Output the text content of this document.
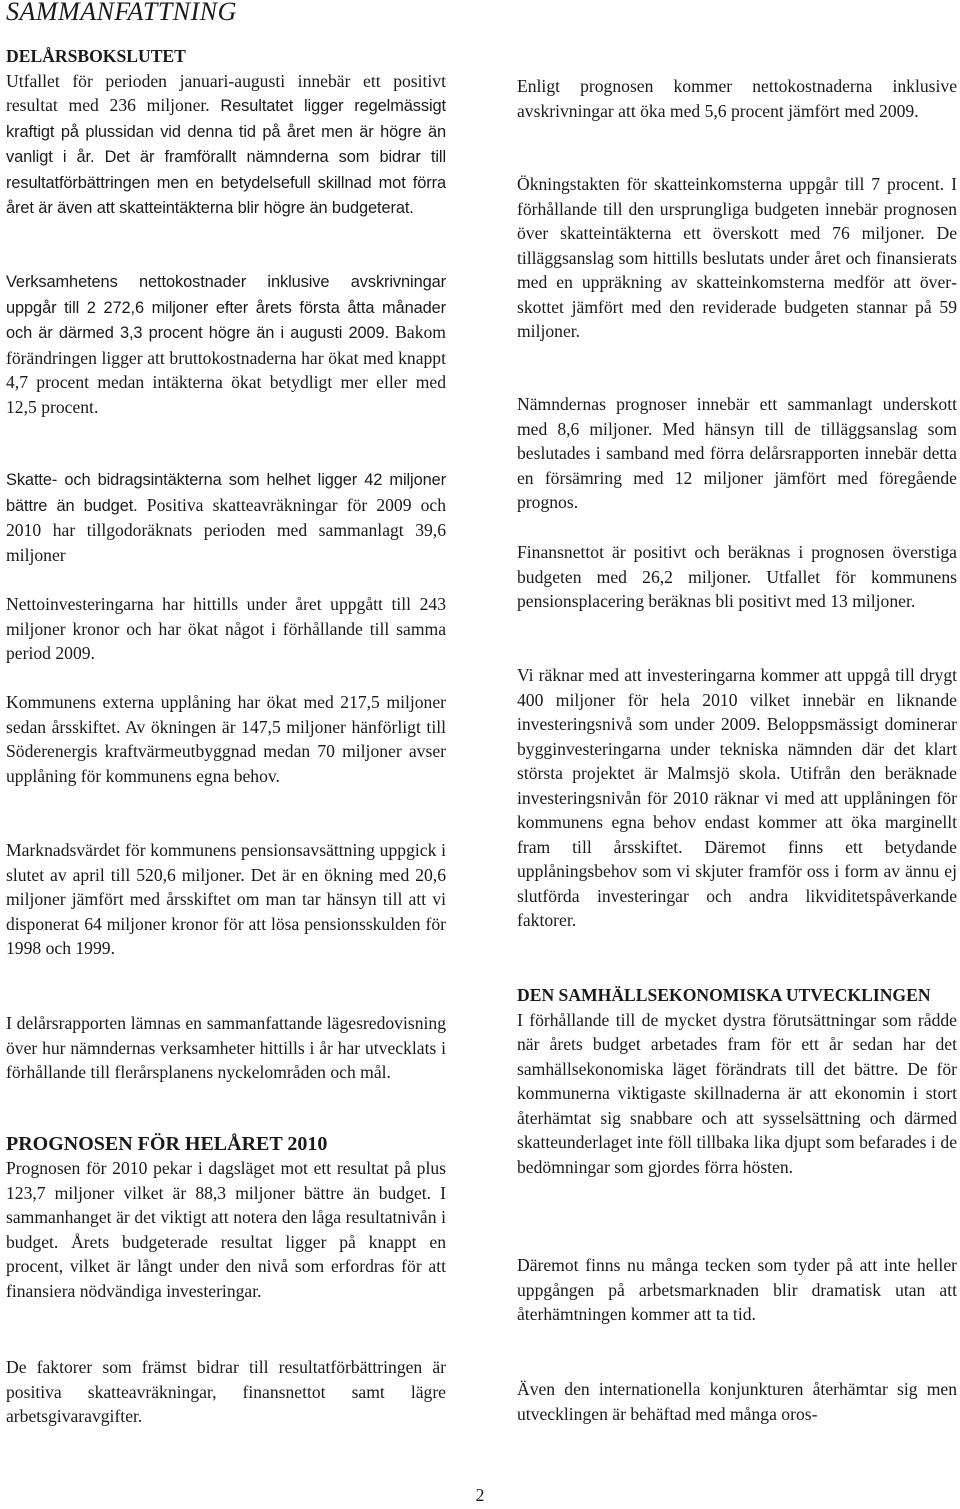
SAMMANFATTNING
DELÅRSBOKSLUTET

Utfallet för perioden januari-augusti innebär ett positivt resultat med 236 miljoner. Resultatet ligger regelmässigt kraftigt på plussidan vid denna tid på året men är högre än vanligt i år. Det är framförallt nämnderna som bidrar till resultatförbättringen men en betydelsefull skillnad mot förra året är även att skatteintäkterna blir högre än budgeterat.

Verksamhetens nettokostnader inklusive avskrivningar uppgår till 2 272,6 miljoner efter årets första åtta månader och är därmed 3,3 procent högre än i augusti 2009. Bakom förändringen ligger att bruttokostnaderna har ökat med knappt 4,7 procent medan intäkterna ökat betydligt mer eller med 12,5 procent.

Skatte- och bidragsintäkterna som helhet ligger 42 miljoner bättre än budget. Positiva skatteavräkningar för 2009 och 2010 har tillgodoräknats perioden med sammanlagt 39,6 miljoner

Nettoinvesteringarna har hittills under året uppgått till 243 miljoner kronor och har ökat något i förhållande till samma period 2009.

Kommunens externa upplåning har ökat med 217,5 miljoner sedan årsskiftet. Av ökningen är 147,5 miljoner hänförligt till Söderenergis kraftvärmeutbyggnad medan 70 miljoner avser upplåning för kommunens egna behov.

Marknadsvärdet för kommunens pensionsavsättning uppgick i slutet av april till 520,6 miljoner. Det är en ökning med 20,6 miljoner jämfört med årsskiftet om man tar hänsyn till att vi disponerat 64 miljoner kronor för att lösa pensionsskulden för 1998 och 1999.

I delårsrapporten lämnas en sammanfattande lägesredovisning över hur nämndernas verksamheter hittills i år har utvecklats i förhållande till flerårsplanens nyckelområden och mål.

PROGNOSEN FÖR HELÅRET 2010

Prognosen för 2010 pekar i dagsläget mot ett resultat på plus 123,7 miljoner vilket är 88,3 miljoner bättre än budget. I sammanhanget är det viktigt att notera den låga resultatnivån i budget. Årets budgeterade resultat ligger på knappt en procent, vilket är långt under den nivå som erfordras för att finansiera nödvändiga investeringar.

De faktorer som främst bidrar till resultatförbättringen är positiva skatteavräkningar, finansnettot samt lägre arbetsgivaravgifter.

Enligt prognosen kommer nettokostnaderna inklusive avskrivningar att öka med 5,6 procent jämfört med 2009.

Ökningstakten för skatteinkomsterna uppgår till 7 procent. I förhållande till den ursprungliga budgeten innebär prognosen över skatteintäkterna ett överskott med 76 miljoner. De tilläggsanslag som hittills beslutats under året och finansierats med en uppräkning av skatteinkomsterna medför att överskottet jämfört med den reviderade budgeten stannar på 59 miljoner.

Nämndernas prognoser innebär ett sammanlagt underskott med 8,6 miljoner. Med hänsyn till de tilläggsanslag som beslutades i samband med förra delårsrapporten innebär detta en försämring med 12 miljoner jämfört med föregående prognos.

Finansnettot är positivt och beräknas i prognosen överstiga budgeten med 26,2 miljoner. Utfallet för kommunens pensionsplacering beräknas bli positivt med 13 miljoner.

Vi räknar med att investeringarna kommer att uppgå till drygt 400 miljoner för hela 2010 vilket innebär en liknande investeringsnivå som under 2009. Beloppsmässigt dominerar bygginvesteringarna under tekniska nämnden där det klart största projektet är Malmsjö skola. Utifrån den beräknade investeringsnivån för 2010 räknar vi med att upplåningen för kommunens egna behov endast kommer att öka marginellt fram till årsskiftet. Däremot finns ett betydande upplåningsbehov som vi skjuter framför oss i form av ännu ej slutförda investeringar och andra likviditetspåverkande faktorer.

DEN SAMHÄLLSEKONOMISKA UTVECKLINGEN

I förhållande till de mycket dystra förutsättningar som rådde när årets budget arbetades fram för ett år sedan har det samhällsekonomiska läget förändrats till det bättre. De för kommunerna viktigaste skillnaderna är att ekonomin i stort återhämtat sig snabbare och att sysselsättning och därmed skatteunderlaget inte föll tillbaka lika djupt som befarades i de bedömningar som gjordes förra hösten.

Däremot finns nu många tecken som tyder på att inte heller uppgången på arbetsmarknaden blir dramatisk utan att återhämtningen kommer att ta tid.

Även den internationella konjunkturen återhämtar sig men utvecklingen är behäftad med många oros-

2
